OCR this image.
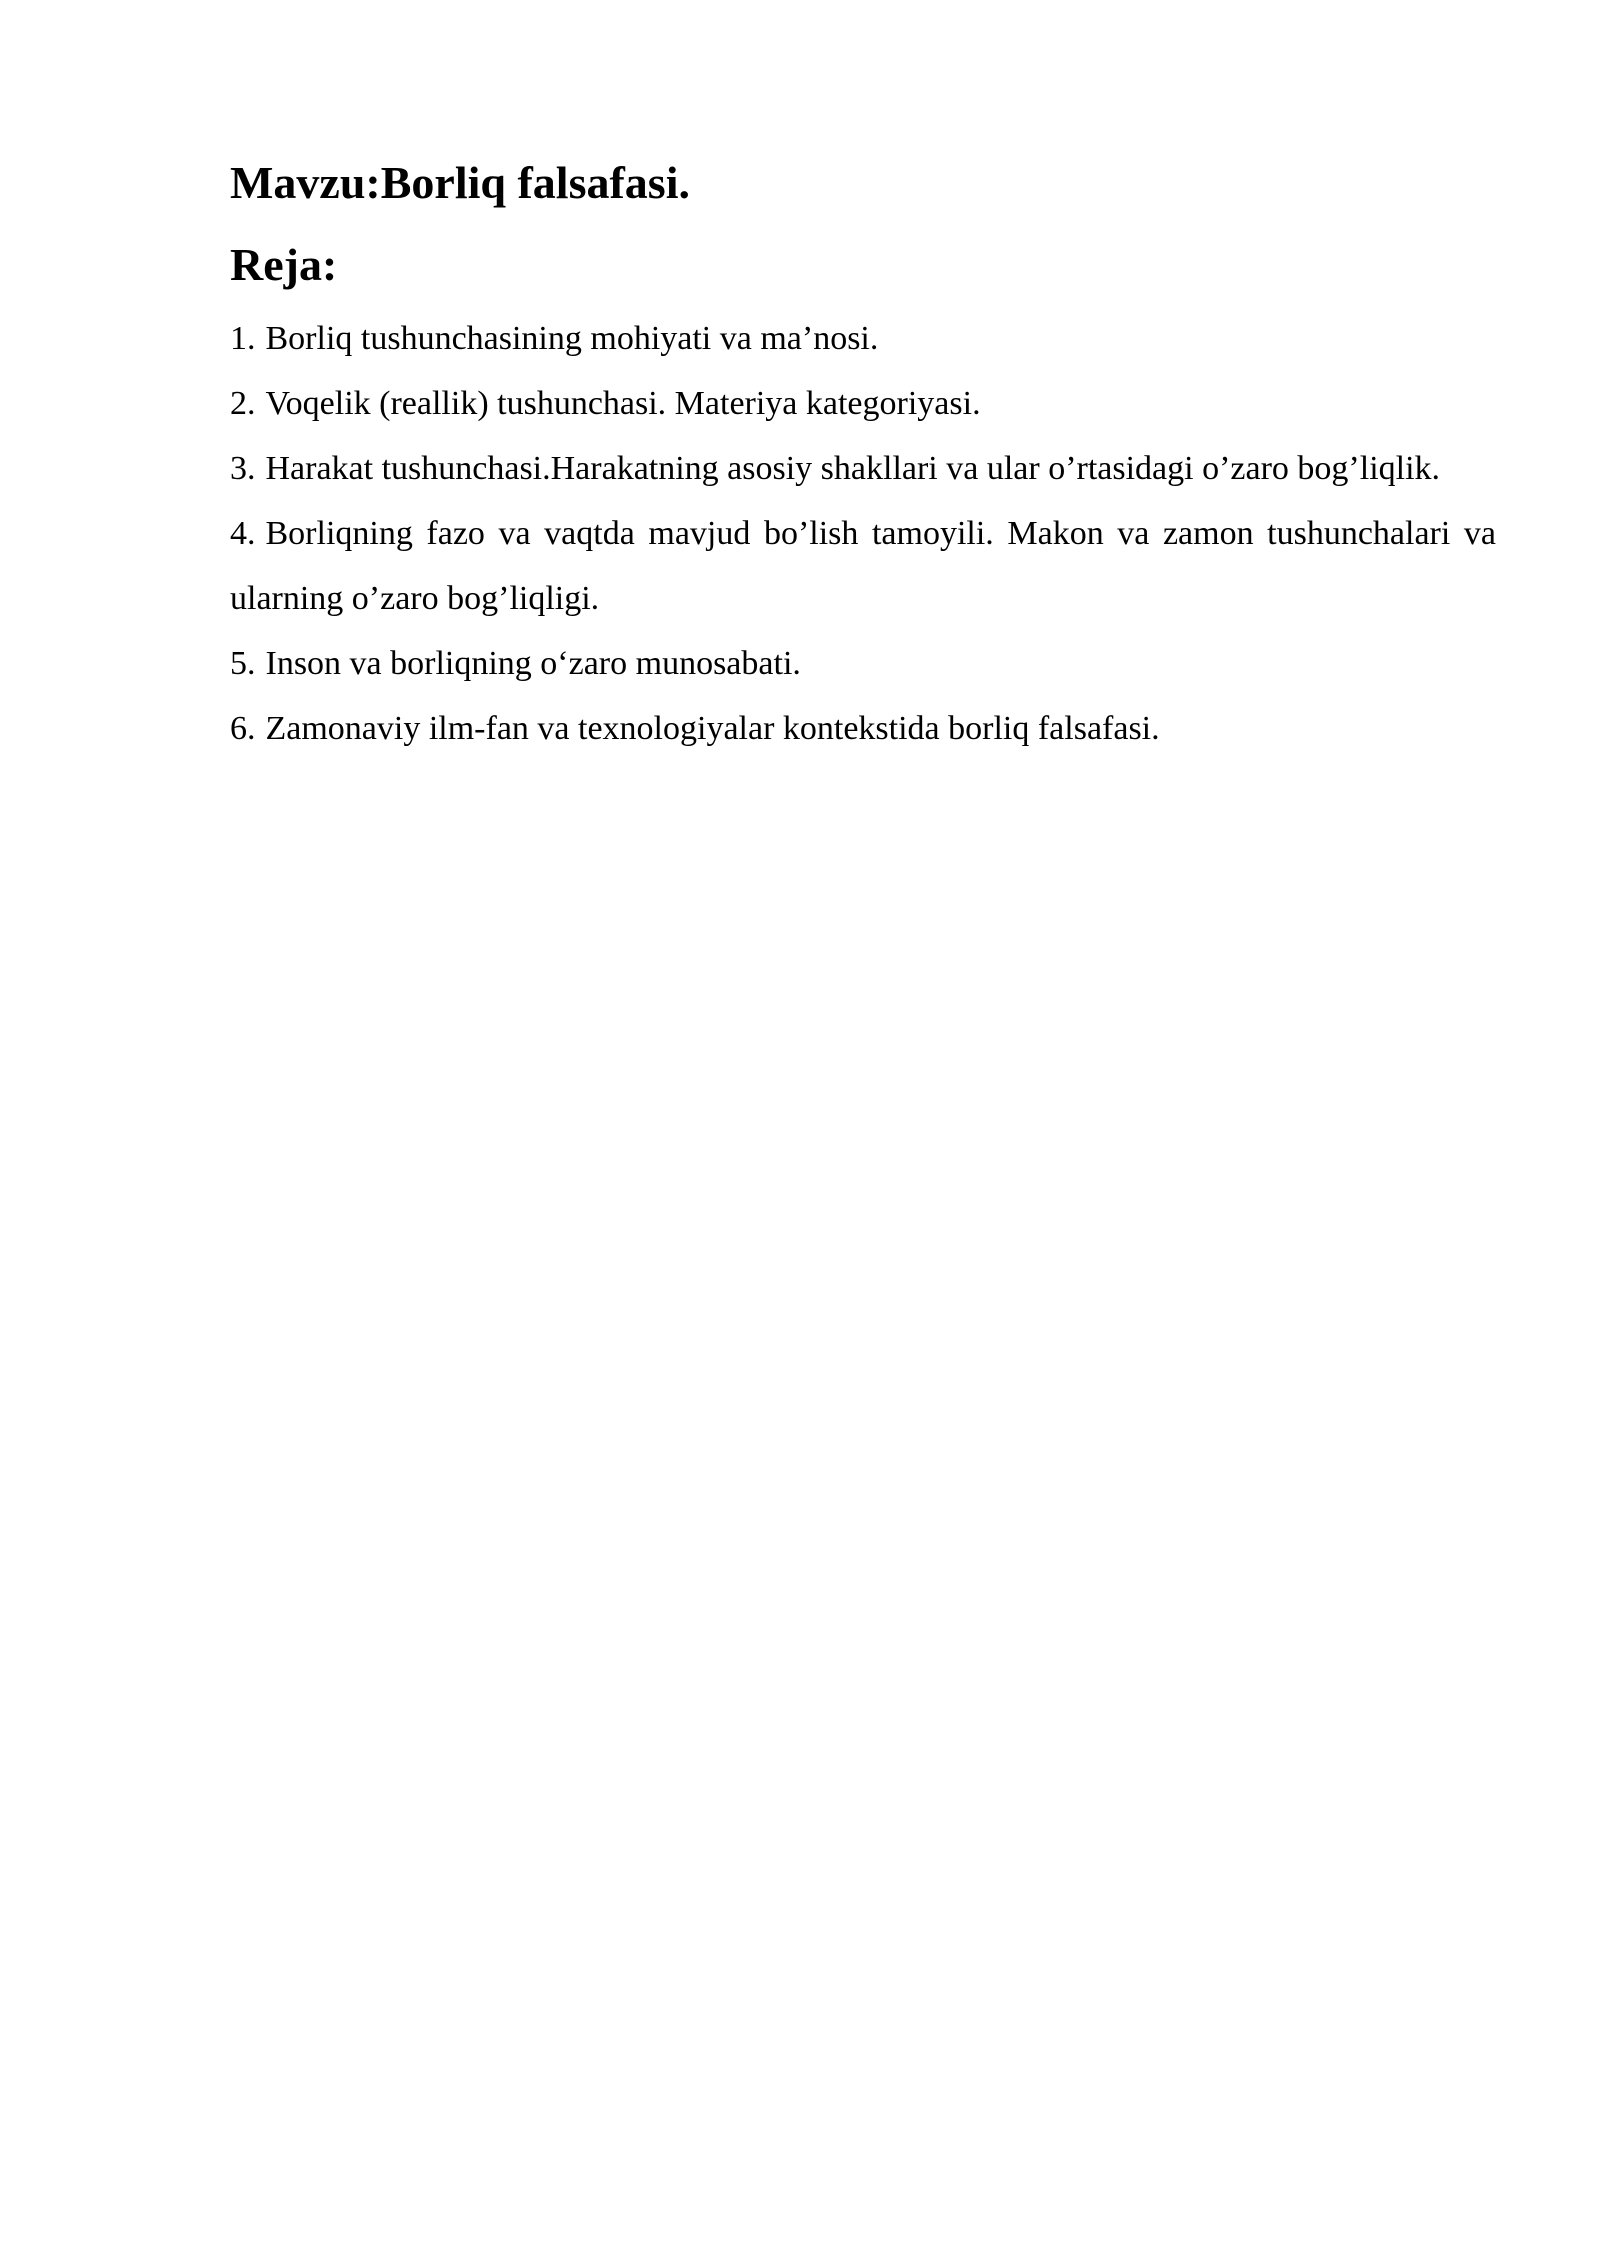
Mavzu:Borliq falsafasi.
Reja:
1. Borliq tushunchasining mohiyati va ma’nosi.
2. Voqelik (reallik) tushunchasi. Materiya kategoriyasi.
3. Harakat tushunchasi.Harakatning asosiy shakllari va ular o’rtasidagi o’zaro bog’liqlik.
4. Borliqning fazo va vaqtda mavjud bo’lish tamoyili. Makon va zamon tushunchalari va ularning o’zaro bog’liqligi.
5. Inson va borliqning o‘zaro munosabati.
6. Zamonaviy ilm-fan va texnologiyalar kontekstida borliq falsafasi.
